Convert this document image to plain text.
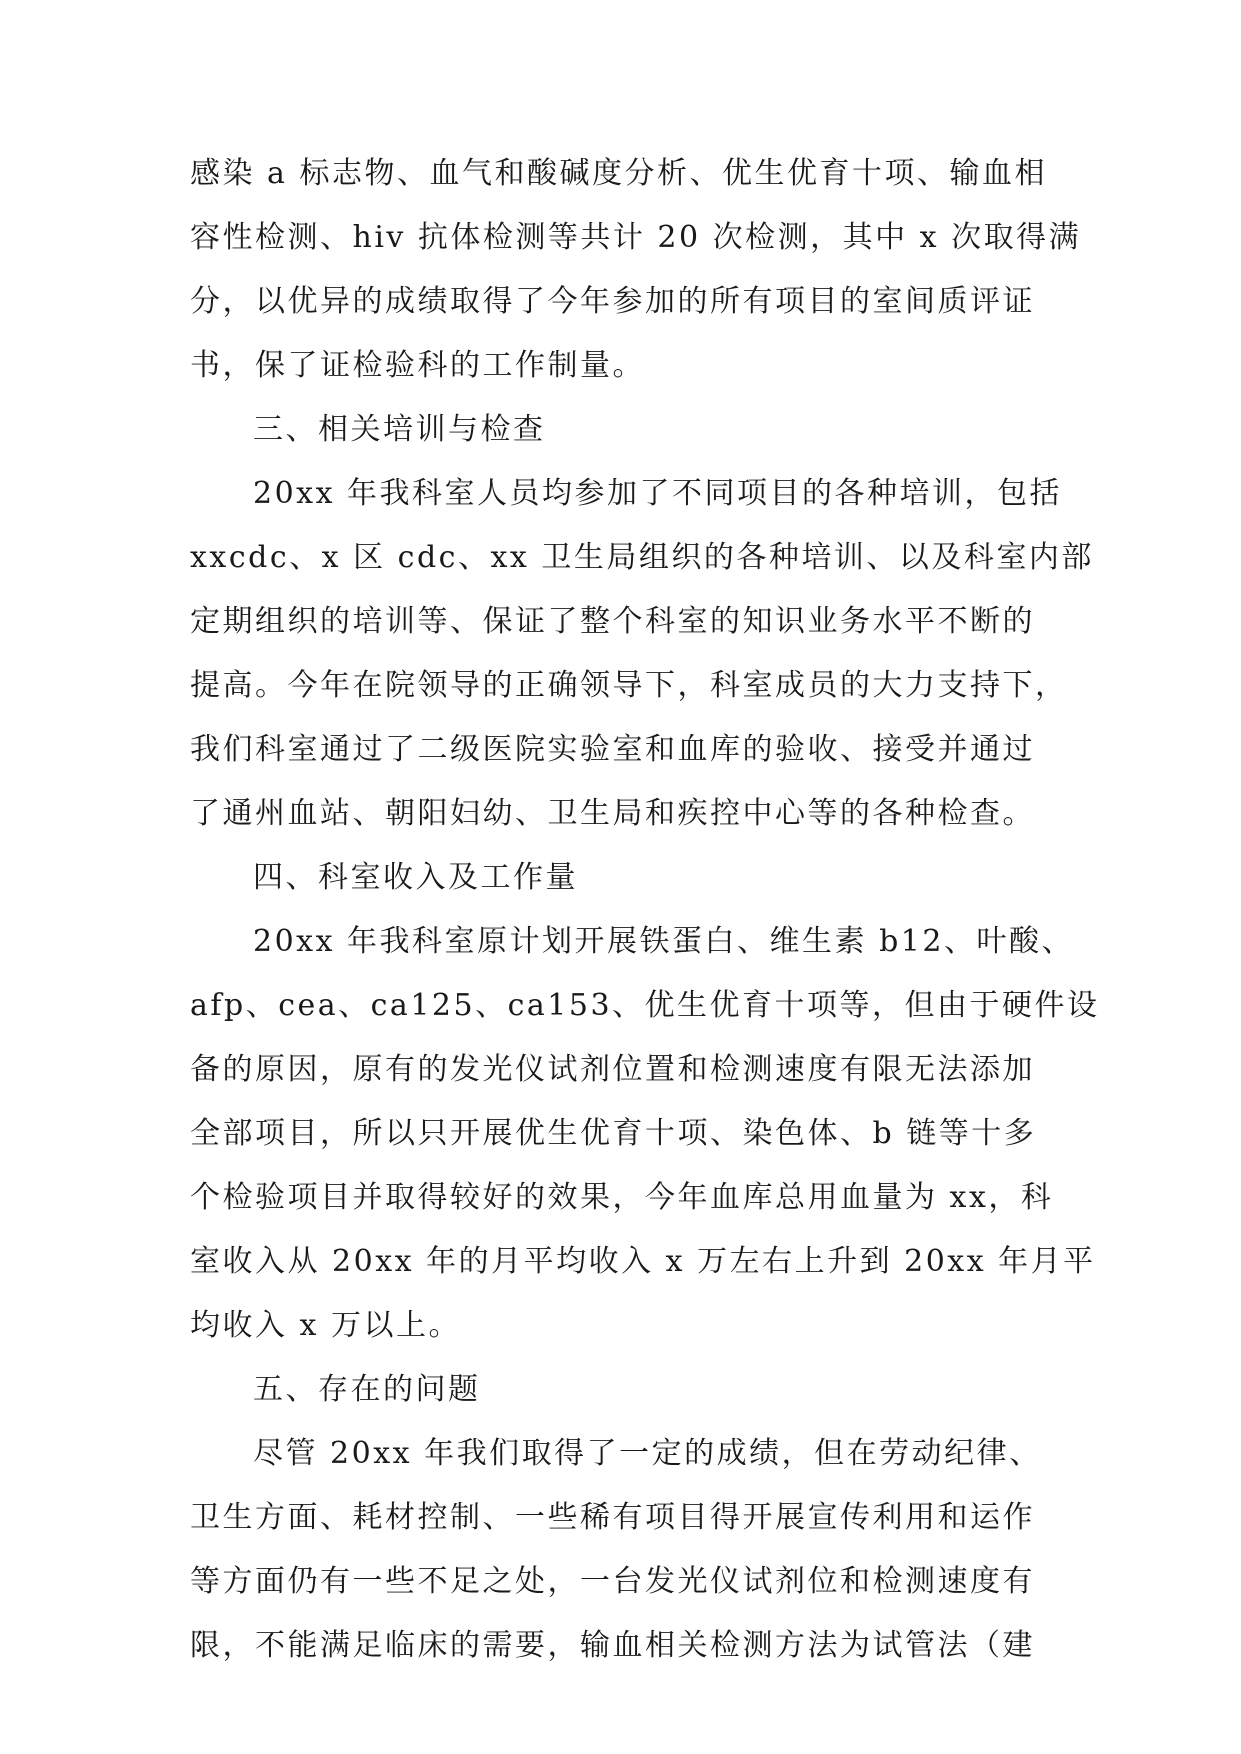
感染 a 标志物、血气和酸碱度分析、优生优育十项、输血相
容性检测、hiv 抗体检测等共计 20 次检测，其中 x 次取得满
分，以优异的成绩取得了今年参加的所有项目的室间质评证
书，保了证检验科的工作制量。
三、相关培训与检查
20xx 年我科室人员均参加了不同项目的各种培训，包括
xxcdc、x 区 cdc、xx 卫生局组织的各种培训、以及科室内部
定期组织的培训等、保证了整个科室的知识业务水平不断的
提高。今年在院领导的正确领导下，科室成员的大力支持下，
我们科室通过了二级医院实验室和血库的验收、接受并通过
了通州血站、朝阳妇幼、卫生局和疾控中心等的各种检查。
四、科室收入及工作量
20xx 年我科室原计划开展铁蛋白、维生素 b12、叶酸、
afp、cea、ca125、ca153、优生优育十项等，但由于硬件设
备的原因，原有的发光仪试剂位置和检测速度有限无法添加
全部项目，所以只开展优生优育十项、染色体、b 链等十多
个检验项目并取得较好的效果，今年血库总用血量为 xx，科
室收入从 20xx 年的月平均收入 x 万左右上升到 20xx 年月平
均收入 x 万以上。
五、存在的问题
尽管 20xx 年我们取得了一定的成绩，但在劳动纪律、
卫生方面、耗材控制、一些稀有项目得开展宣传利用和运作
等方面仍有一些不足之处，一台发光仪试剂位和检测速度有
限，不能满足临床的需要，输血相关检测方法为试管法（建
